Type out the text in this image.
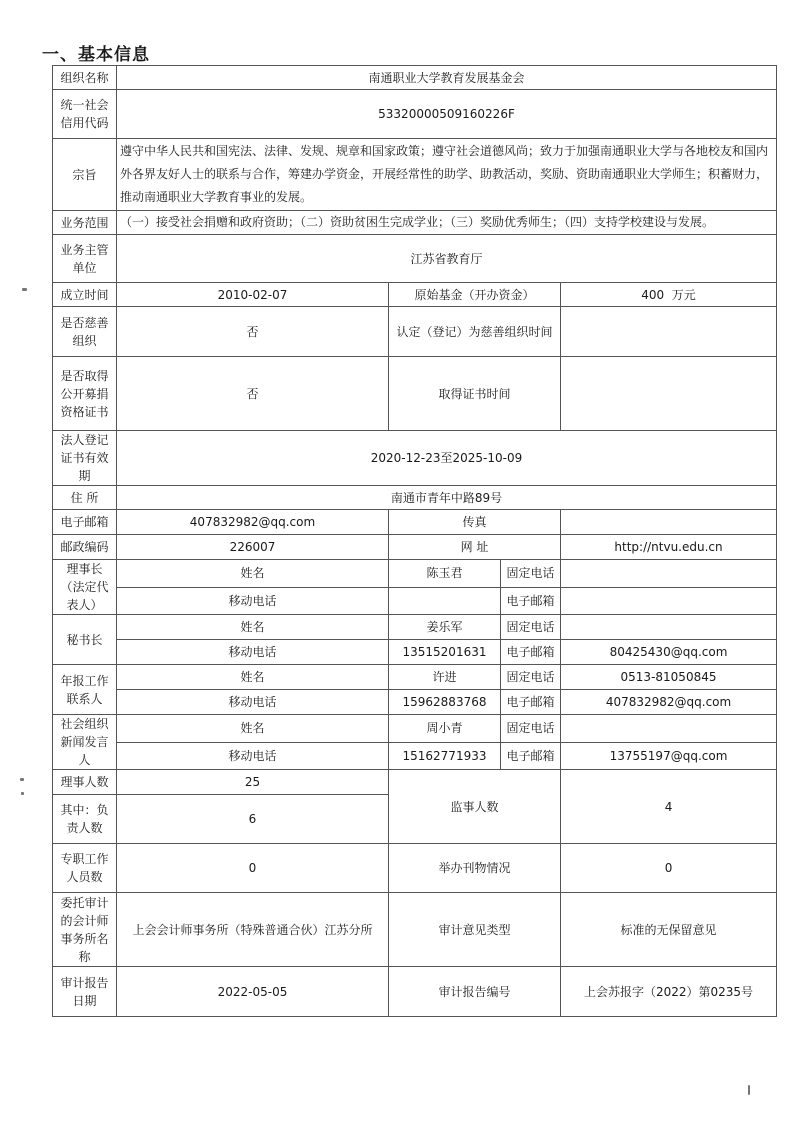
一、基本信息
组织名称	南通职业大学教育发展基金会			
统一社会信用代码	53320000509160226F			
宗旨	遵守中华人民共和国宪法、法律、发规、规章和国家政策；遵守社会道德风尚；致力于加强南通职业大学与各地校友和国内外各界友好人士的联系与合作，筹建办学资金，开展经常性的助学、助教活动，奖励、资助南通职业大学师生；积蓄财力，推动南通职业大学教育事业的发展。			
业务范围	（一）接受社会捐赠和政府资助；（二）资助贫困生完成学业；（三）奖励优秀师生；（四）支持学校建设与发展。			
业务主管单位	江苏省教育厅			
成立时间	2010-02-07	原始基金（开办资金）		400  万元
是否慈善组织	否	认定（登记）为慈善组织时间		
是否取得公开募捐资格证书	否	取得证书时间		
法人登记证书有效期	2020-12-23至2025-10-09			
住 所	南通市青年中路89号			
电子邮箱	407832982@qq.com	传真		
邮政编码	226007	网 址		http://ntvu.edu.cn
理事长（法定代表人）	姓名	陈玉君	固定电话	
	移动电话		电子邮箱	
秘书长	姓名	姜乐军	固定电话	
	移动电话	13515201631	电子邮箱	80425430@qq.com
年报工作联系人	姓名	许进	固定电话	0513-81050845
	移动电话	15962883768	电子邮箱	407832982@qq.com
社会组织新闻发言人	姓名	周小青	固定电话	
	移动电话	15162771933	电子邮箱	13755197@qq.com
理事人数	25	监事人数		4
其中：负责人数	6			
专职工作人员数	0	举办刊物情况		0
委托审计的会计师事务所名称	上会会计师事务所（特殊普通合伙）江苏分所	审计意见类型		标准的无保留意见
审计报告日期	2022-05-05	审计报告编号		上会苏报字（2022）第0235号
